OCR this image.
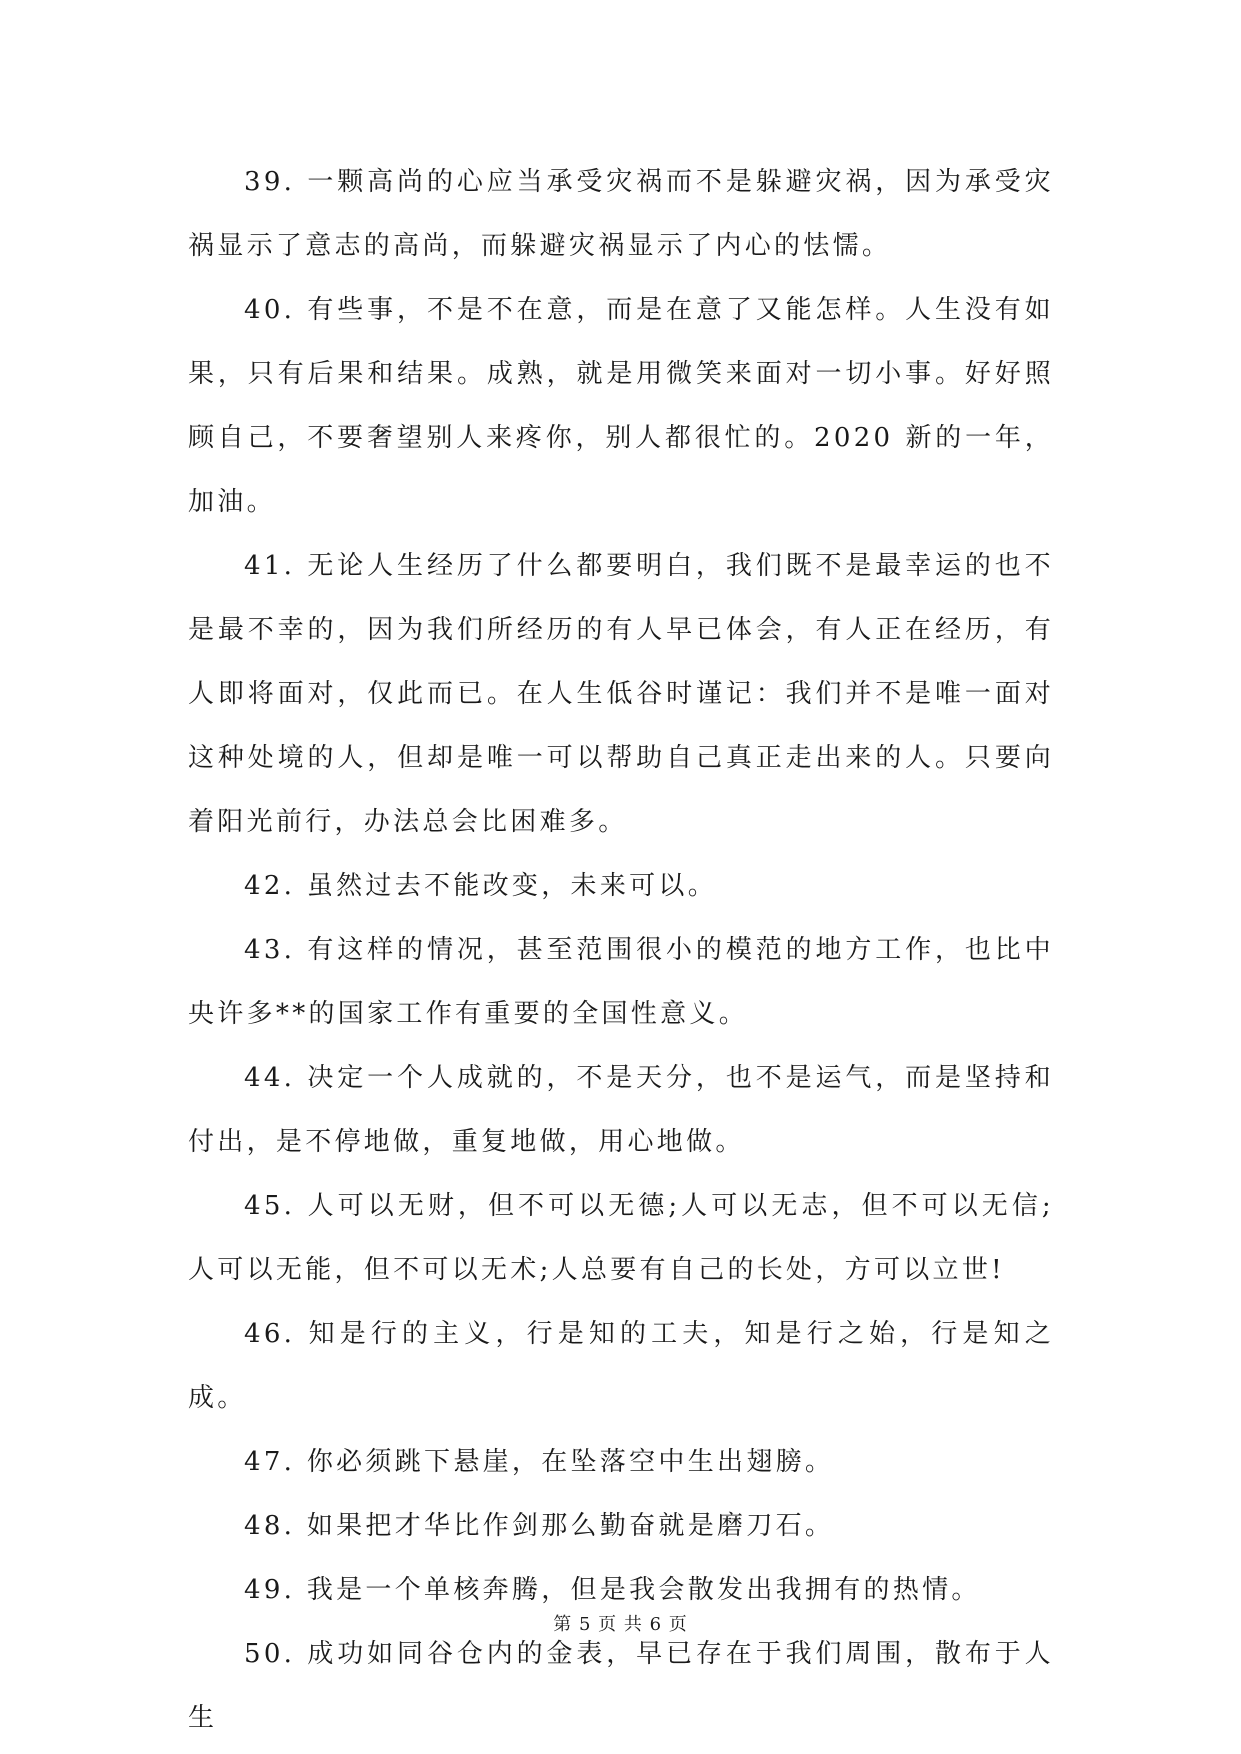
39. 一颗高尚的心应当承受灾祸而不是躲避灾祸，因为承受灾祸显示了意志的高尚，而躲避灾祸显示了内心的怯懦。

40. 有些事，不是不在意，而是在意了又能怎样。人生没有如果，只有后果和结果。成熟，就是用微笑来面对一切小事。好好照顾自己，不要奢望别人来疼你，别人都很忙的。2020 新的一年，加油。

41. 无论人生经历了什么都要明白，我们既不是最幸运的也不是最不幸的，因为我们所经历的有人早已体会，有人正在经历，有人即将面对，仅此而已。在人生低谷时谨记：我们并不是唯一面对这种处境的人，但却是唯一可以帮助自己真正走出来的人。只要向着阳光前行，办法总会比困难多。

42. 虽然过去不能改变，未来可以。

43. 有这样的情况，甚至范围很小的模范的地方工作，也比中央许多**的国家工作有重要的全国性意义。

44. 决定一个人成就的，不是天分，也不是运气，而是坚持和付出，是不停地做，重复地做，用心地做。

45. 人可以无财，但不可以无德;人可以无志，但不可以无信;人可以无能，但不可以无术;人总要有自己的长处，方可以立世!

46. 知是行的主义，行是知的工夫，知是行之始，行是知之成。

47. 你必须跳下悬崖，在坠落空中生出翅膀。

48. 如果把才华比作剑那么勤奋就是磨刀石。

49. 我是一个单核奔腾，但是我会散发出我拥有的热情。

50. 成功如同谷仓内的金表，早已存在于我们周围，散布于人生

第 5 页 共 6 页
